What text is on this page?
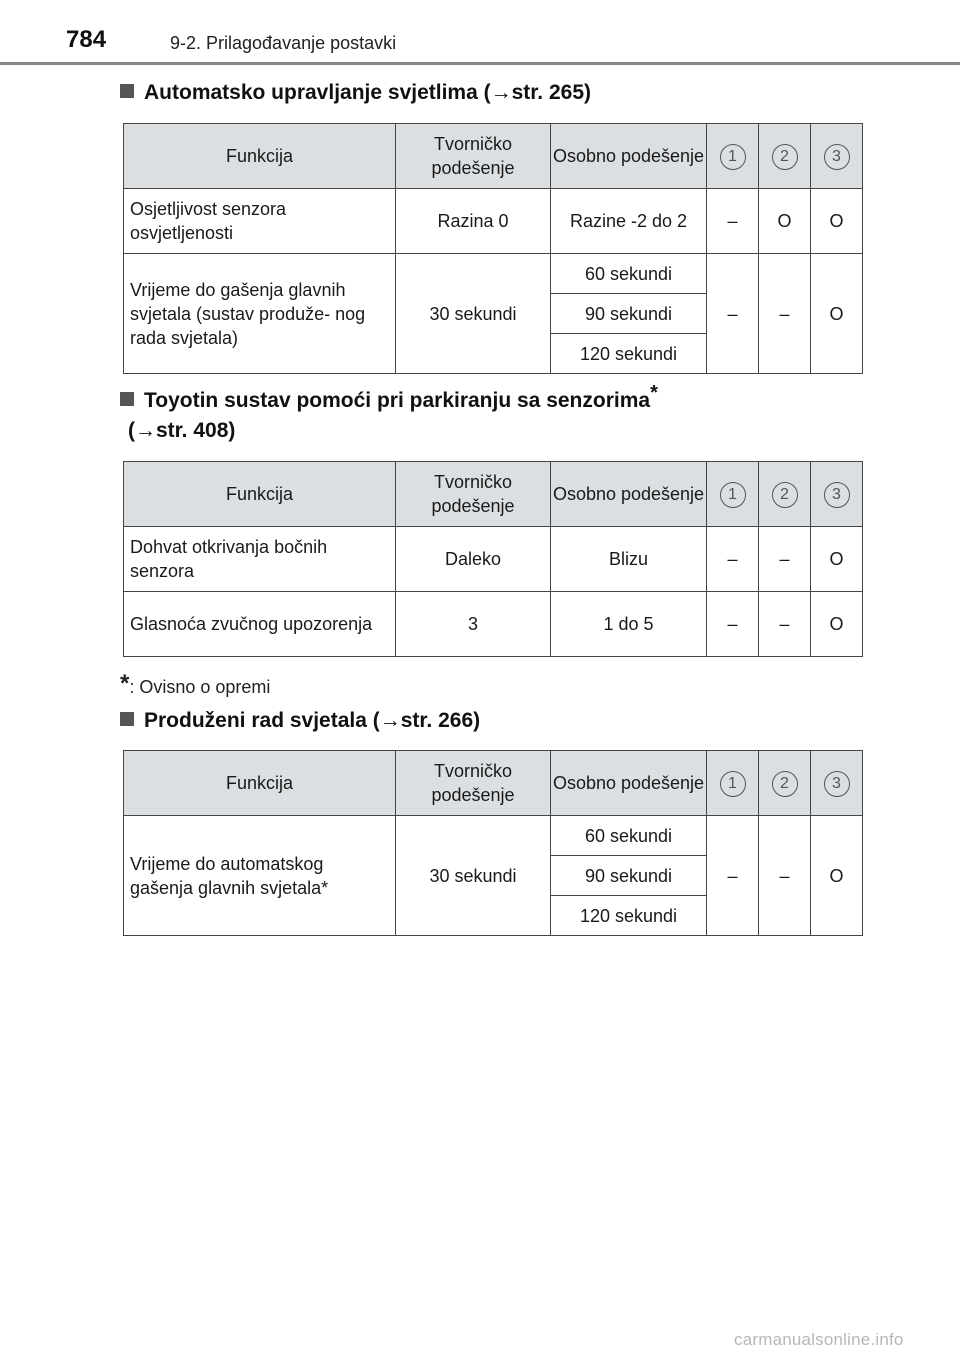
784	9-2. Prilagođavanje postavki
Automatsko upravljanje svjetlima (→str. 265)
Funkcija	Tvorničko podešenje	Osobno podešenje	1	2	3
Osjetljivost senzora osvjetljenosti	Razina 0	Razine -2 do 2	–	O	O
Vrijeme do gašenja glavnih svjetala (sustav produže- nog rada svjetala)	30 sekundi	60 sekundi	–	–	O
		90 sekundi			
		120 sekundi			
Toyotin sustav pomoći pri parkiranju sa senzorima*
(→str. 408)
Funkcija	Tvorničko podešenje	Osobno podešenje	1	2	3
Dohvat otkrivanja bočnih senzora	Daleko	Blizu	–	–	O
Glasnoća zvučnog upozorenja	3	1 do 5	–	–	O
*: Ovisno o opremi
Produženi rad svjetala (→str. 266)
Funkcija	Tvorničko podešenje	Osobno podešenje	1	2	3
Vrijeme do automatskog gašenja glavnih svjetala*	30 sekundi	60 sekundi	–	–	O
		90 sekundi			
		120 sekundi			
carmanualsonline.info
